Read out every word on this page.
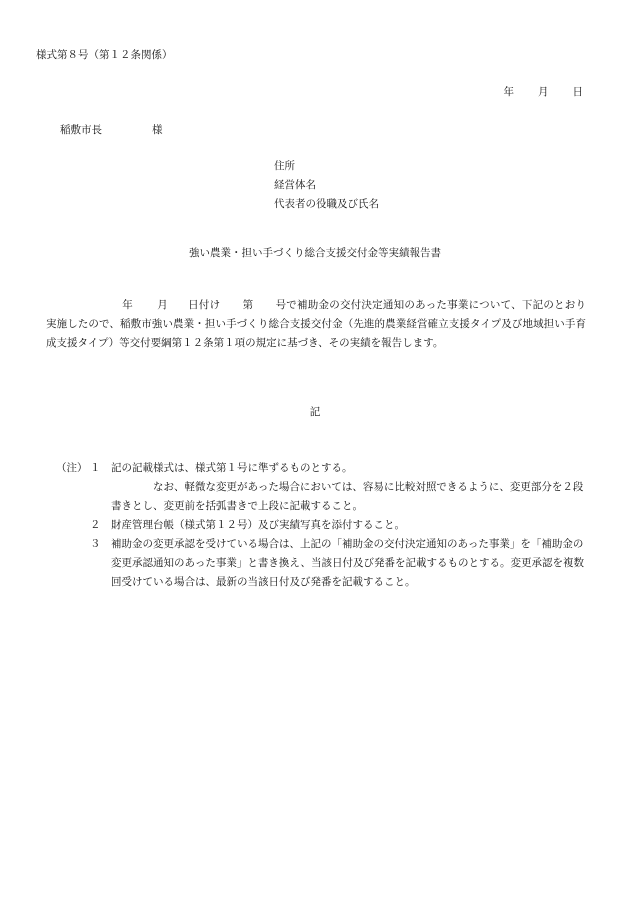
様式第８号（第１２条関係）
年 月 日
稲敷市長	様
住所
経営体名
代表者の役職及び氏名
強い農業・担い手づくり総合支援交付金等実績報告書
年 月 日付け 第 号で補助金の交付決定通知のあった事業について、下記のとおり実施したので、稲敷市強い農業・担い手づくり総合支援交付金（先進的農業経営確立支援タイプ及び地域担い手育成支援タイプ）等交付要綱第１２条第１項の規定に基づき、その実績を報告します。
記
（注） １ 記の記載様式は、様式第１号に準ずるものとする。
なお、軽微な変更があった場合においては、容易に比較対照できるように、変更部分を２段書きとし、変更前を括弧書きで上段に記載すること。
２ 財産管理台帳（様式第１２号）及び実績写真を添付すること。
３ 補助金の変更承認を受けている場合は、上記の「補助金の交付決定通知のあった事業」を「補助金の変更承認通知のあった事業」と書き換え、当該日付及び発番を記載するものとする。変更承認を複数回受けている場合は、最新の当該日付及び発番を記載すること。
